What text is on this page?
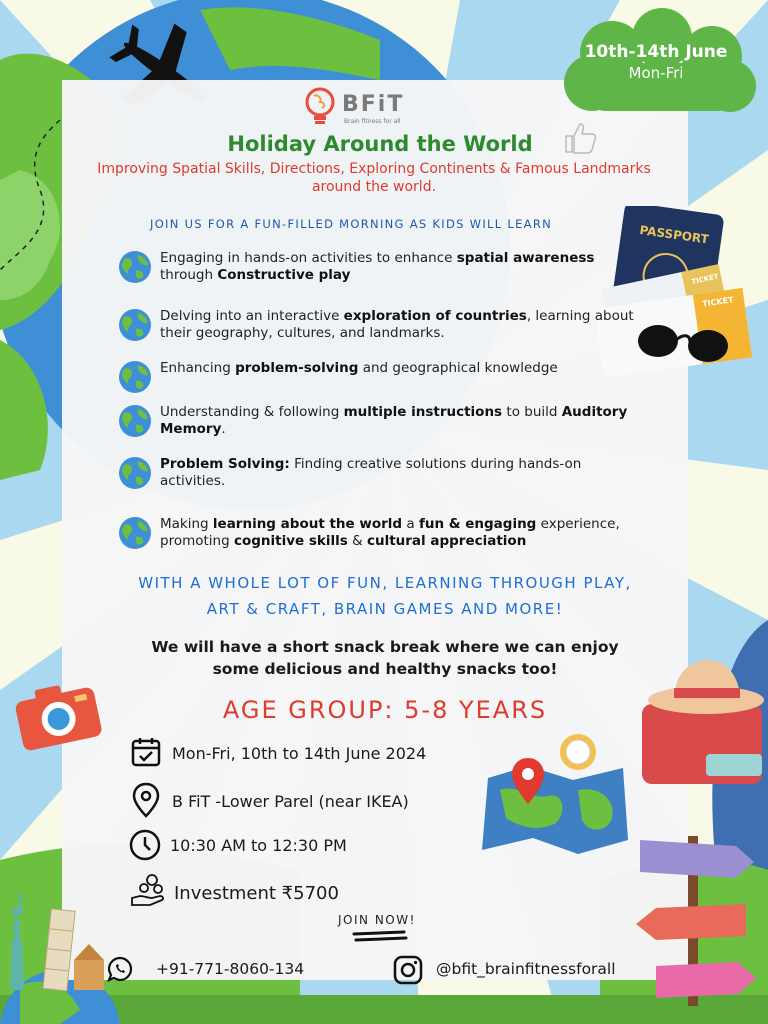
10th-14th June
Mon-Fri
BFiT
Brain fitness for all
Holiday Around the World
Improving Spatial Skills, Directions, Exploring Continents & Famous Landmarks around the world.
JOIN US FOR A FUN-FILLED MORNING AS KIDS WILL LEARN	PASSPORT
TICKET
TICKET
Engaging in hands-on activities to enhance spatial awareness through Constructive play
Delving into an interactive exploration of countries, learning about their geography, cultures, and landmarks.
Enhancing problem-solving and geographical knowledge
Understanding & following multiple instructions to build Auditory Memory.
Problem Solving: Finding creative solutions during hands-on activities.
Making learning about the world a fun & engaging experience, promoting cognitive skills & cultural appreciation
WITH A WHOLE LOT OF FUN, LEARNING THROUGH PLAY,
ART & CRAFT, BRAIN GAMES AND MORE!
We will have a short snack break where we can enjoy
some delicious and healthy snacks too!
AGE GROUP: 5-8 YEARS
Mon-Fri, 10th to 14th June 2024
B FiT -Lower Parel (near IKEA)
10:30 AM to 12:30 PM
Investment ₹5700
JOIN NOW!
+91-771-8060-134	@bfit_brainfitnessforall
